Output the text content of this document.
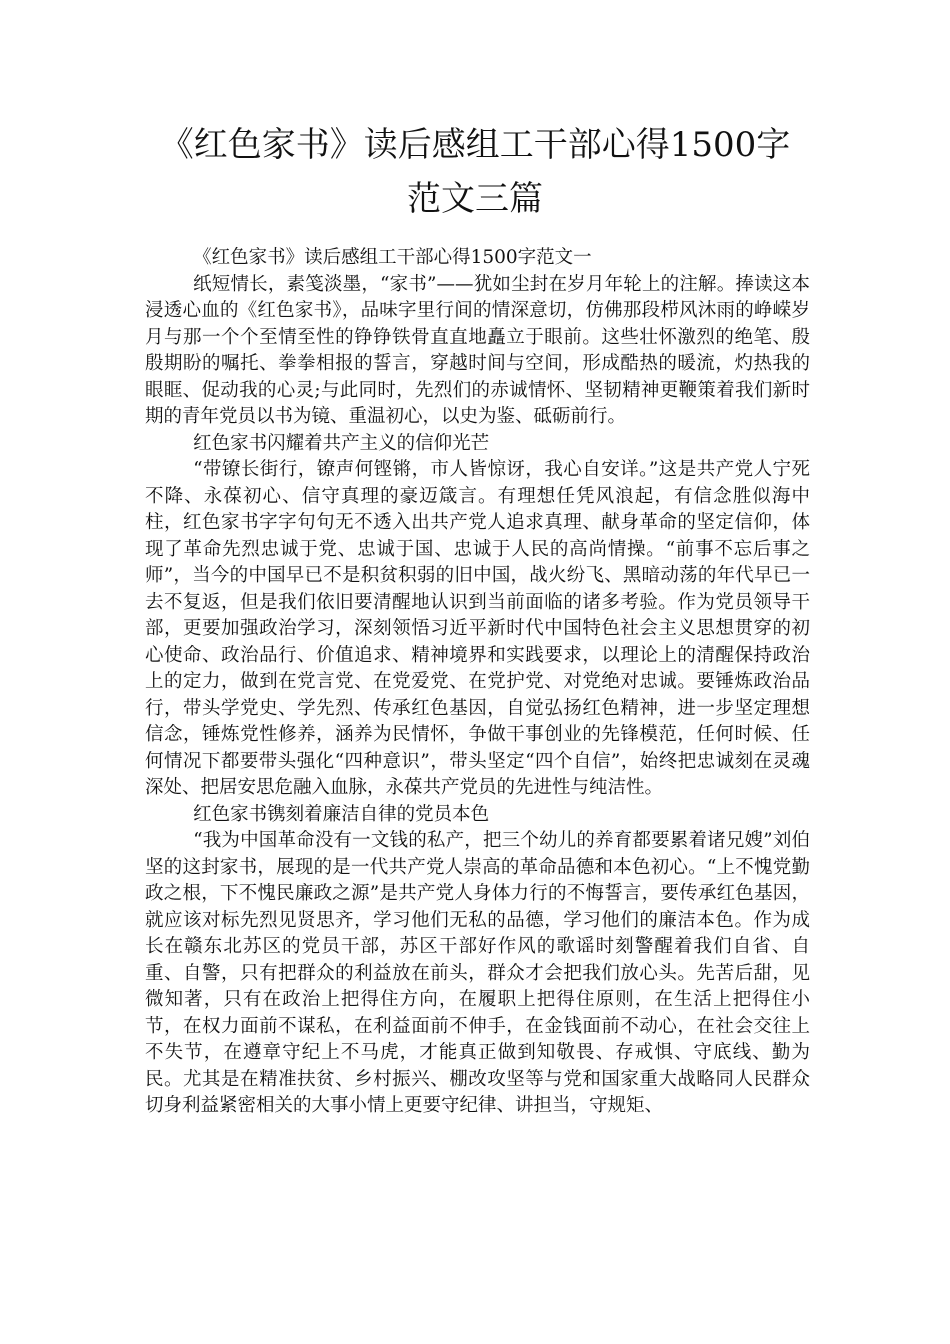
《红色家书》读后感组工干部心得1500字
范文三篇

《红色家书》读后感组工干部心得1500字范文一

纸短情长，素笺淡墨，“家书”——犹如尘封在岁月年轮上的注解。捧读这本浸透心血的《红色家书》，品味字里行间的情深意切，仿佛那段栉风沐雨的峥嵘岁月与那一个个至情至性的铮铮铁骨直直地矗立于眼前。这些壮怀激烈的绝笔、殷殷期盼的嘱托、拳拳相报的誓言，穿越时间与空间，形成酷热的暖流，灼热我的眼眶、促动我的心灵;与此同时，先烈们的赤诚情怀、坚韧精神更鞭策着我们新时期的青年党员以书为镜、重温初心，以史为鉴、砥砺前行。

红色家书闪耀着共产主义的信仰光芒

“带镣长街行，镣声何铿锵，市人皆惊讶，我心自安详。”这是共产党人宁死不降、永葆初心、信守真理的豪迈箴言。有理想任凭风浪起，有信念胜似海中柱，红色家书字字句句无不透入出共产党人追求真理、献身革命的坚定信仰，体现了革命先烈忠诚于党、忠诚于国、忠诚于人民的高尚情操。“前事不忘后事之师”，当今的中国早已不是积贫积弱的旧中国，战火纷飞、黑暗动荡的年代早已一去不复返，但是我们依旧要清醒地认识到当前面临的诸多考验。作为党员领导干部，更要加强政治学习，深刻领悟习近平新时代中国特色社会主义思想贯穿的初心使命、政治品行、价值追求、精神境界和实践要求，以理论上的清醒保持政治上的定力，做到在党言党、在党爱党、在党护党、对党绝对忠诚。要锤炼政治品行，带头学党史、学先烈、传承红色基因，自觉弘扬红色精神，进一步坚定理想信念，锤炼党性修养，涵养为民情怀，争做干事创业的先锋模范，任何时候、任何情况下都要带头强化“四种意识”，带头坚定“四个自信”，始终把忠诚刻在灵魂深处、把居安思危融入血脉，永葆共产党员的先进性与纯洁性。

红色家书镌刻着廉洁自律的党员本色

“我为中国革命没有一文钱的私产，把三个幼儿的养育都要累着诸兄嫂”刘伯坚的这封家书，展现的是一代共产党人崇高的革命品德和本色初心。“上不愧党勤政之根，下不愧民廉政之源”是共产党人身体力行的不悔誓言，要传承红色基因，就应该对标先烈见贤思齐，学习他们无私的品德，学习他们的廉洁本色。作为成长在赣东北苏区的党员干部，苏区干部好作风的歌谣时刻警醒着我们自省、自重、自警，只有把群众的利益放在前头，群众才会把我们放心头。先苦后甜，见微知著，只有在政治上把得住方向，在履职上把得住原则，在生活上把得住小节，在权力面前不谋私，在利益面前不伸手，在金钱面前不动心，在社会交往上不失节，在遵章守纪上不马虎，才能真正做到知敬畏、存戒惧、守底线、勤为民。尤其是在精准扶贫、乡村振兴、棚改攻坚等与党和国家重大战略同人民群众切身利益紧密相关的大事小情上更要守纪律、讲担当，守规矩、
